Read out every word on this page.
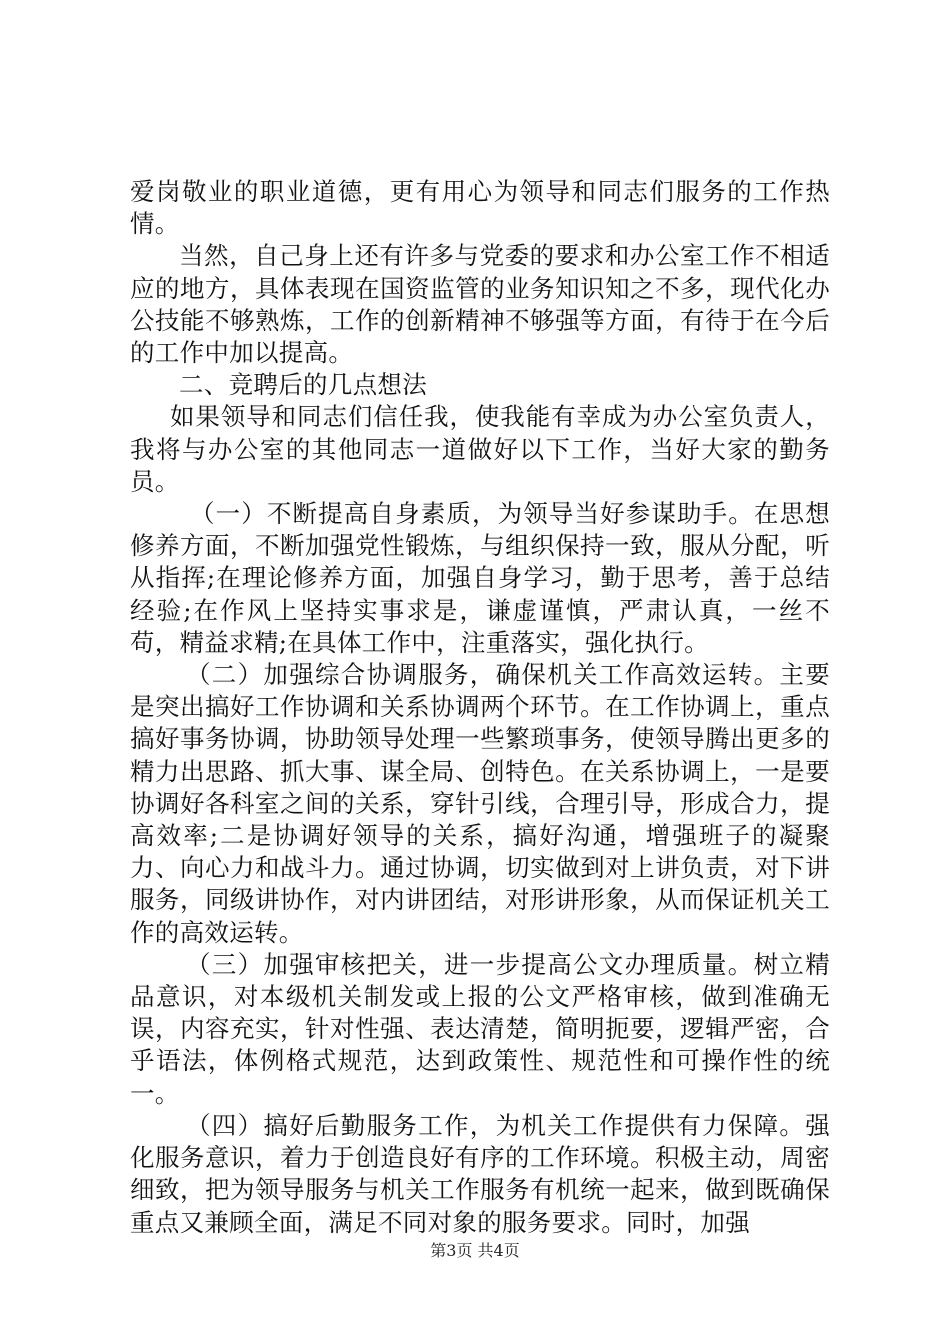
爱岗敬业的职业道德，更有用心为领导和同志们服务的工作热情。

当然，自己身上还有许多与党委的要求和办公室工作不相适应的地方，具体表现在国资监管的业务知识知之不多，现代化办公技能不够熟炼，工作的创新精神不够强等方面，有待于在今后的工作中加以提高。

二、竞聘后的几点想法

如果领导和同志们信任我，使我能有幸成为办公室负责人，我将与办公室的其他同志一道做好以下工作，当好大家的勤务员。

（一）不断提高自身素质，为领导当好参谋助手。在思想修养方面，不断加强党性锻炼，与组织保持一致，服从分配，听从指挥;在理论修养方面，加强自身学习，勤于思考，善于总结经验;在作风上坚持实事求是，谦虚谨慎，严肃认真，一丝不苟，精益求精;在具体工作中，注重落实，强化执行。

（二）加强综合协调服务，确保机关工作高效运转。主要是突出搞好工作协调和关系协调两个环节。在工作协调上，重点搞好事务协调，协助领导处理一些繁琐事务，使领导腾出更多的精力出思路、抓大事、谋全局、创特色。在关系协调上，一是要协调好各科室之间的关系，穿针引线，合理引导，形成合力，提高效率;二是协调好领导的关系，搞好沟通，增强班子的凝聚力、向心力和战斗力。通过协调，切实做到对上讲负责，对下讲服务，同级讲协作，对内讲团结，对形讲形象，从而保证机关工作的高效运转。

（三）加强审核把关，进一步提高公文办理质量。树立精品意识，对本级机关制发或上报的公文严格审核，做到准确无误，内容充实，针对性强、表达清楚，简明扼要，逻辑严密，合乎语法，体例格式规范，达到政策性、规范性和可操作性的统一。

（四）搞好后勤服务工作，为机关工作提供有力保障。强化服务意识，着力于创造良好有序的工作环境。积极主动，周密细致，把为领导服务与机关工作服务有机统一起来，做到既确保重点又兼顾全面，满足不同对象的服务要求。同时，加强

第3页 共4页
